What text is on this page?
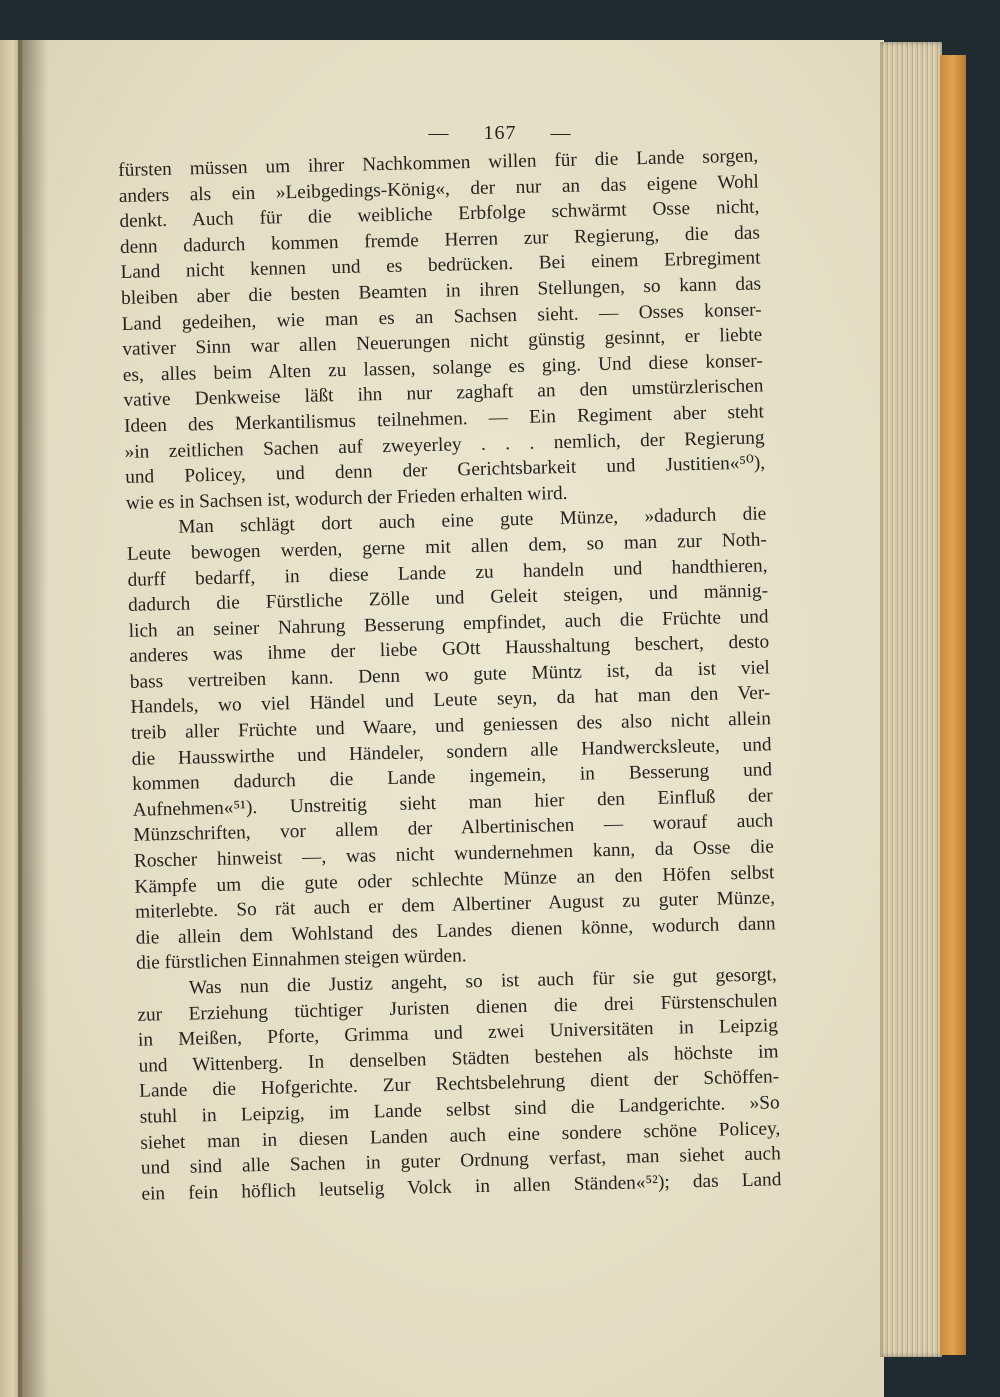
— 167 —
fürsten müssen um ihrer Nachkommen willen für die Lande sorgen,
anders als ein »Leibgedings-König«, der nur an das eigene Wohl
denkt. Auch für die weibliche Erbfolge schwärmt Osse nicht,
denn dadurch kommen fremde Herren zur Regierung, die das
Land nicht kennen und es bedrücken. Bei einem Erbregiment
bleiben aber die besten Beamten in ihren Stellungen, so kann das
Land gedeihen, wie man es an Sachsen sieht. — Osses konser-
vativer Sinn war allen Neuerungen nicht günstig gesinnt, er liebte
es, alles beim Alten zu lassen, solange es ging. Und diese konser-
vative Denkweise läßt ihn nur zaghaft an den umstürzlerischen
Ideen des Merkantilismus teilnehmen. — Ein Regiment aber steht
»in zeitlichen Sachen auf zweyerley . . . nemlich, der Regierung
und Policey, und denn der Gerichtsbarkeit und Justitien«⁵⁰),
wie es in Sachsen ist, wodurch der Frieden erhalten wird.
Man schlägt dort auch eine gute Münze, »dadurch die
Leute bewogen werden, gerne mit allen dem, so man zur Noth-
durff bedarff, in diese Lande zu handeln und handthieren,
dadurch die Fürstliche Zölle und Geleit steigen, und männig-
lich an seiner Nahrung Besserung empfindet, auch die Früchte und
anderes was ihme der liebe GOtt Hausshaltung beschert, desto
bass vertreiben kann. Denn wo gute Müntz ist, da ist viel
Handels, wo viel Händel und Leute seyn, da hat man den Ver-
treib aller Früchte und Waare, und geniessen des also nicht allein
die Hausswirthe und Händeler, sondern alle Handwercksleute, und
kommen dadurch die Lande ingemein, in Besserung und
Aufnehmen«⁵¹). Unstreitig sieht man hier den Einfluß der
Münzschriften, vor allem der Albertinischen — worauf auch
Roscher hinweist —, was nicht wundernehmen kann, da Osse die
Kämpfe um die gute oder schlechte Münze an den Höfen selbst
miterlebte. So rät auch er dem Albertiner August zu guter Münze,
die allein dem Wohlstand des Landes dienen könne, wodurch dann
die fürstlichen Einnahmen steigen würden.
Was nun die Justiz angeht, so ist auch für sie gut gesorgt,
zur Erziehung tüchtiger Juristen dienen die drei Fürstenschulen
in Meißen, Pforte, Grimma und zwei Universitäten in Leipzig
und Wittenberg. In denselben Städten bestehen als höchste im
Lande die Hofgerichte. Zur Rechtsbelehrung dient der Schöffen-
stuhl in Leipzig, im Lande selbst sind die Landgerichte. »So
siehet man in diesen Landen auch eine sondere schöne Policey,
und sind alle Sachen in guter Ordnung verfast, man siehet auch
ein fein höflich leutselig Volck in allen Ständen«⁵²); das Land
